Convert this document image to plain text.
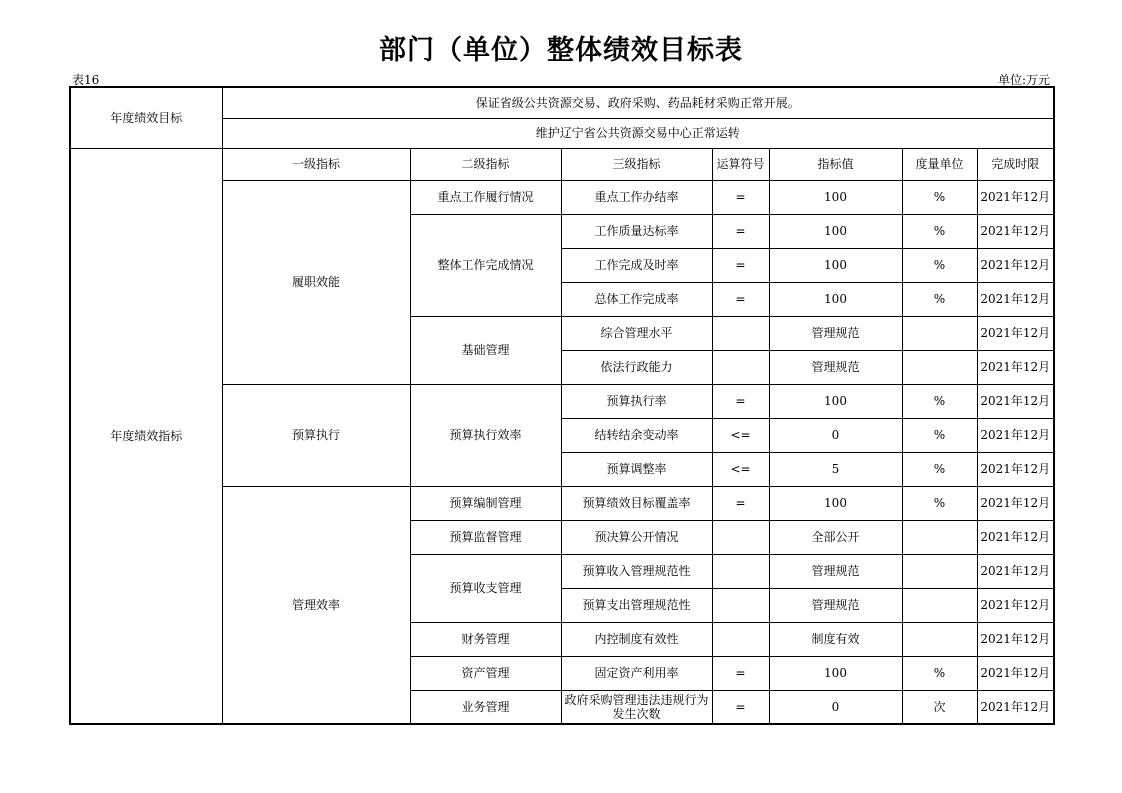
部门（单位）整体绩效目标表
表16	单位:万元
年度绩效目标	保证省级公共资源交易、政府采购、药品耗材采购正常开展。						
	维护辽宁省公共资源交易中心正常运转						
年度绩效指标	一级指标	二级指标	三级指标	运算符号	指标值	度量单位	完成时限
	履职效能	重点工作履行情况	重点工作办结率	=	100	%	2021年12月
		整体工作完成情况	工作质量达标率	=	100	%	2021年12月
			工作完成及时率	=	100	%	2021年12月
			总体工作完成率	=	100	%	2021年12月
		基础管理	综合管理水平		管理规范		2021年12月
			依法行政能力		管理规范		2021年12月
	预算执行	预算执行效率	预算执行率	=	100	%	2021年12月
			结转结余变动率	<=	0	%	2021年12月
			预算调整率	<=	5	%	2021年12月
	管理效率	预算编制管理	预算绩效目标覆盖率	=	100	%	2021年12月
		预算监督管理	预决算公开情况		全部公开		2021年12月
		预算收支管理	预算收入管理规范性		管理规范		2021年12月
			预算支出管理规范性		管理规范		2021年12月
		财务管理	内控制度有效性		制度有效		2021年12月
		资产管理	固定资产利用率	=	100	%	2021年12月
		业务管理	政府采购管理违法违规行为发生次数	=	0	次	2021年12月
